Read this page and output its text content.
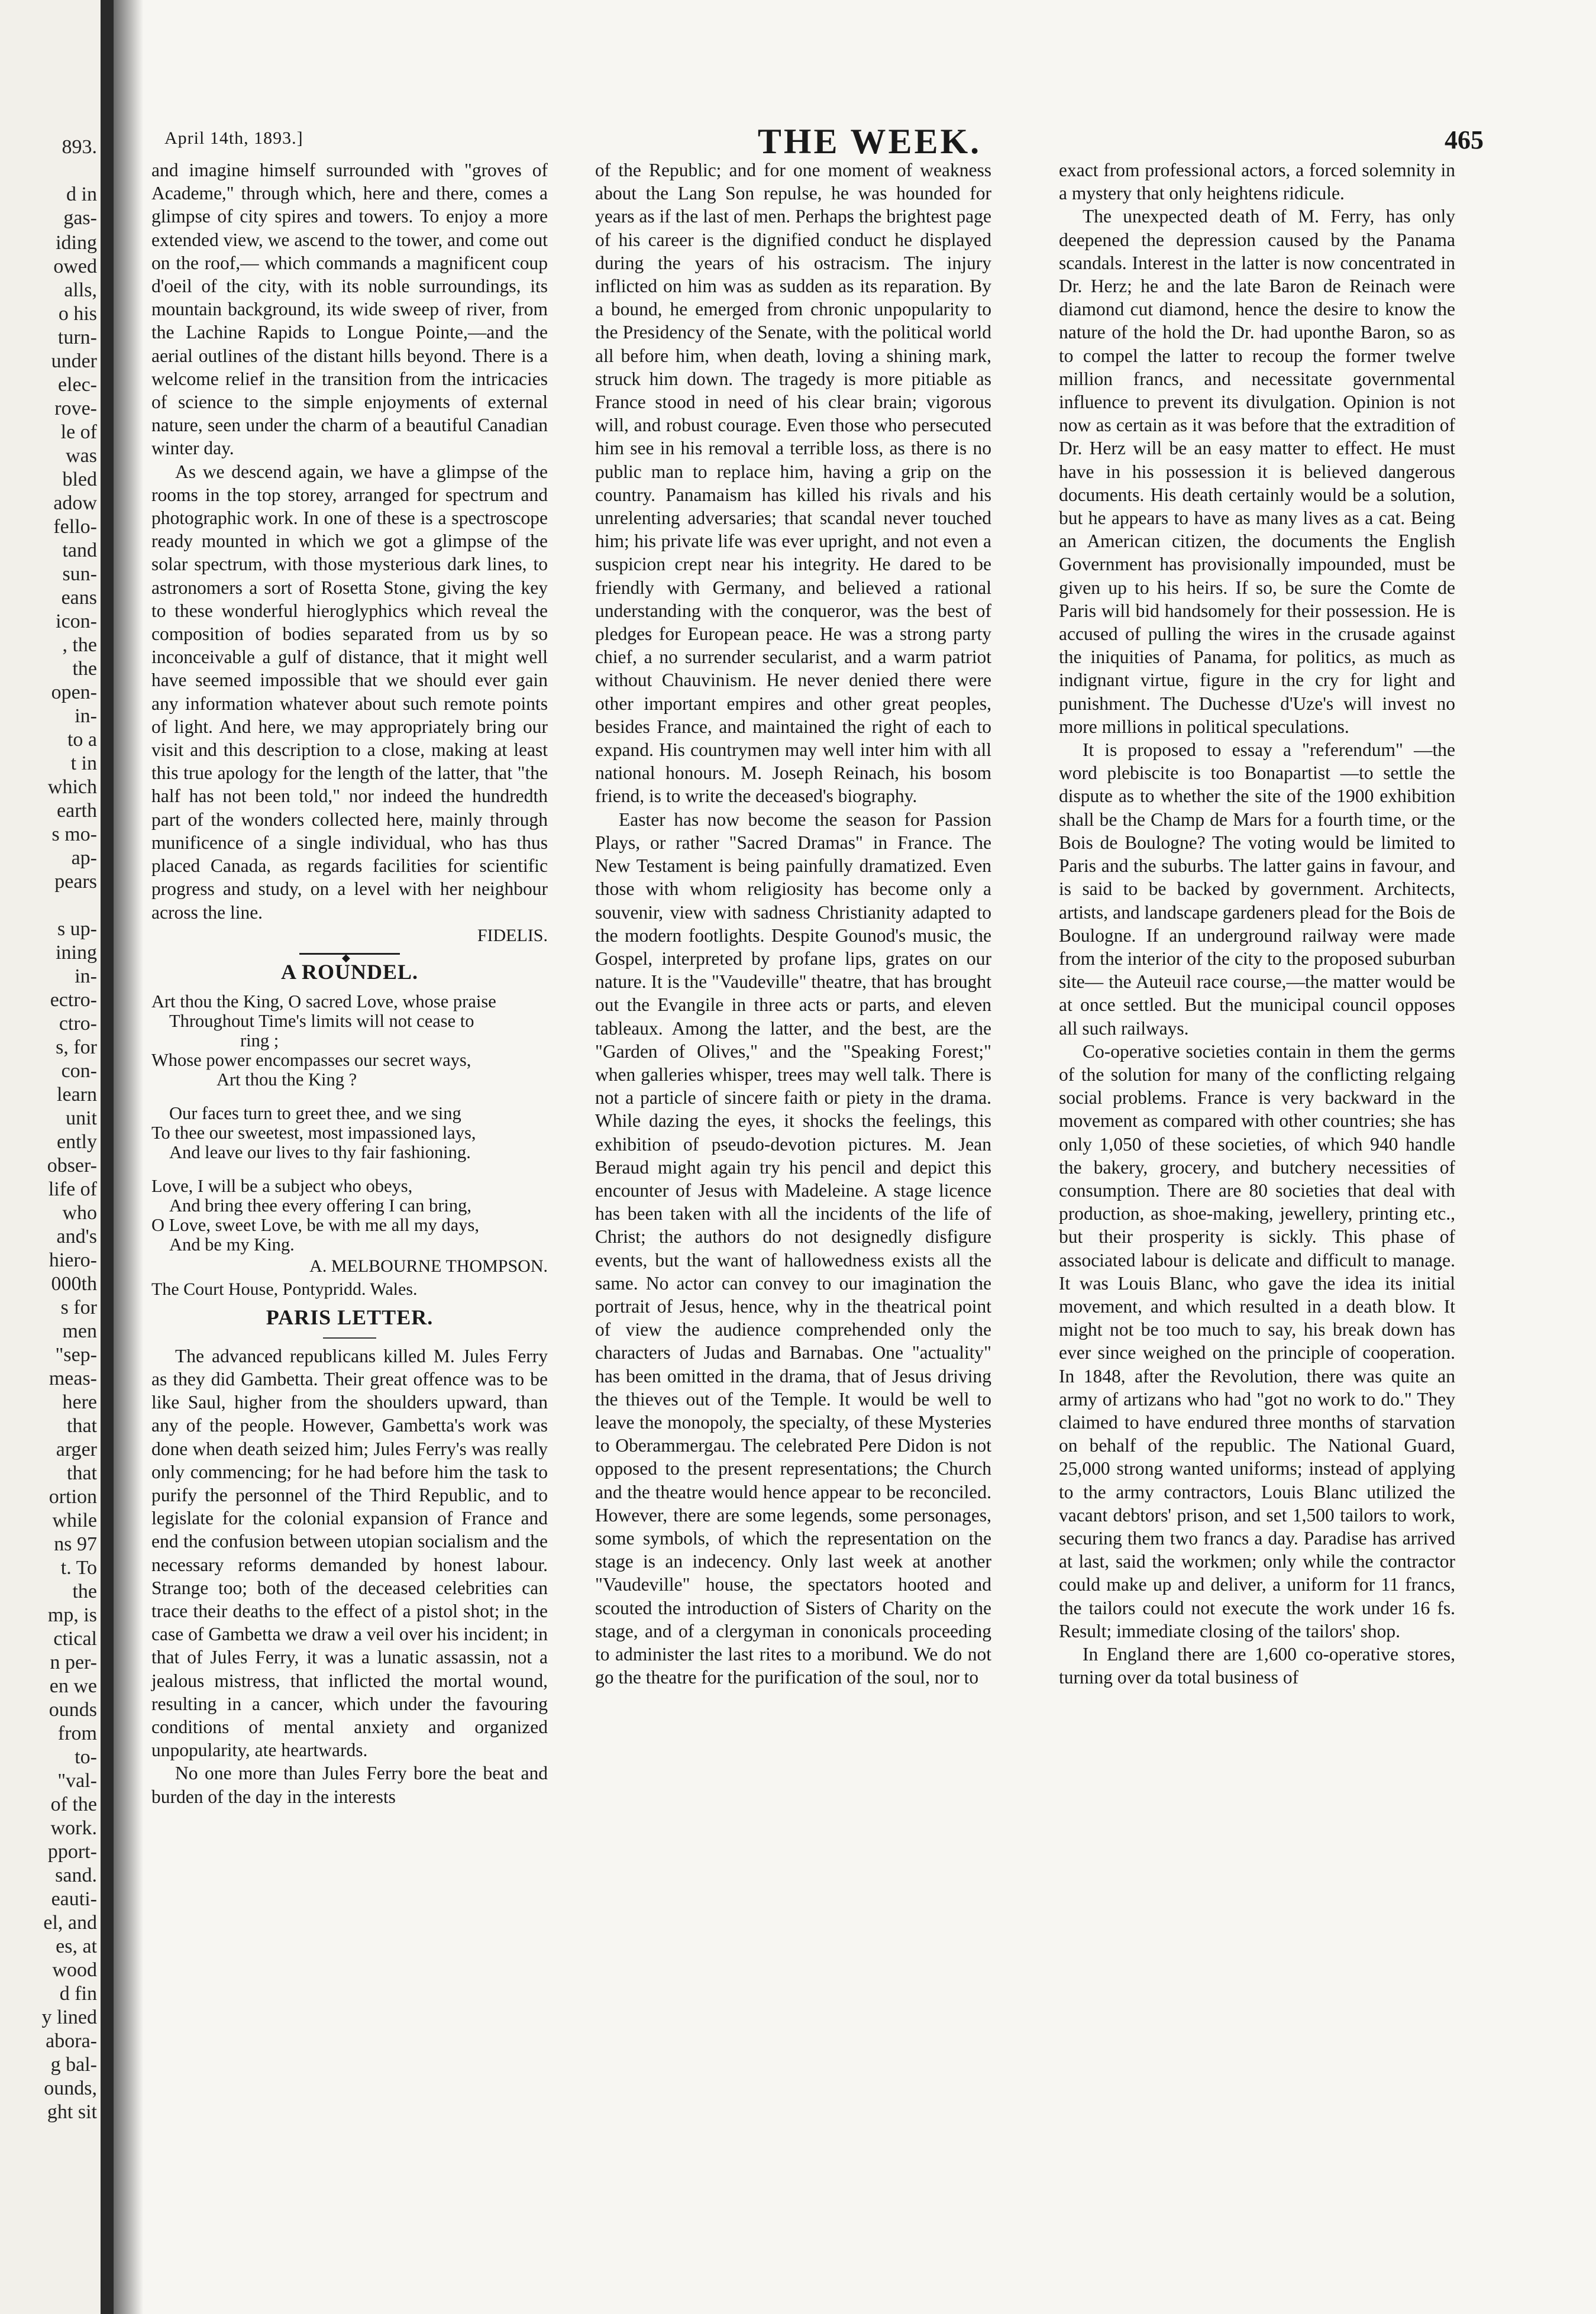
893.
d in
gas-
iding
owed
alls,
o his
turn-
under
elec-
rove-
le of
was
bled
adow
fello-
tand
sun-
eans
icon-
, the
the
open-
in-
to a
t in
which
earth
s mo-
ap-
pears
s up-
ining
in-
ectro-
ctro-
s, for
con-
learn
unit
ently
obser-
life of
who
and's
hiero-
000th
s for
men
"sep-
meas-
here
that
arger
that
ortion
while
ns 97
t. To
the
mp, is
ctical
n per-
en we
ounds
from
to-
"val-
of the
work.
pport-
sand.
eauti-
el, and
es, at
wood
d fin
y lined
abora-
g bal-
ounds,
ght sit
April 14th, 1893.]	THE WEEK.	465

and imagine himself surrounded with "groves of Academe," through which, here and there, comes a glimpse of city spires and towers. To enjoy a more extended view, we ascend to the tower, and come out on the roof,— which commands a magnificent coup d'oeil of the city, with its noble surroundings, its mountain background, its wide sweep of river, from the Lachine Rapids to Longue Pointe,—and the aerial outlines of the distant hills beyond. There is a welcome relief in the transition from the intricacies of science to the simple enjoyments of external nature, seen under the charm of a beautiful Canadian winter day.

As we descend again, we have a glimpse of the rooms in the top storey, arranged for spectrum and photographic work. In one of these is a spectroscope ready mounted in which we got a glimpse of the solar spectrum, with those mysterious dark lines, to astronomers a sort of Rosetta Stone, giving the key to these wonderful hieroglyphics which reveal the composition of bodies separated from us by so inconceivable a gulf of distance, that it might well have seemed impossible that we should ever gain any information whatever about such remote points of light. And here, we may appropriately bring our visit and this description to a close, making at least this true apology for the length of the latter, that "the half has not been told," nor indeed the hundredth part of the wonders collected here, mainly through munificence of a single individual, who has thus placed Canada, as regards facilities for scientific progress and study, on a level with her neighbour across the line.

FIDELIS.

◆
A ROUNDEL.

Art thou the King, O sacred Love, whose praise

Throughout Time's limits will not cease to

ring ;

Whose power encompasses our secret ways,

Art thou the King ?

Our faces turn to greet thee, and we sing

To thee our sweetest, most impassioned lays,

And leave our lives to thy fair fashioning.

Love, I will be a subject who obeys,

And bring thee every offering I can bring,

O Love, sweet Love, be with me all my days,

And be my King.

A. MELBOURNE THOMPSON.

The Court House, Pontypridd. Wales.

PARIS LETTER.

The advanced republicans killed M. Jules Ferry as they did Gambetta. Their great offence was to be like Saul, higher from the shoulders upward, than any of the people. However, Gambetta's work was done when death seized him; Jules Ferry's was really only commencing; for he had before him the task to purify the personnel of the Third Republic, and to legislate for the colonial expansion of France and end the confusion between utopian socialism and the necessary reforms demanded by honest labour. Strange too; both of the deceased celebrities can trace their deaths to the effect of a pistol shot; in the case of Gambetta we draw a veil over his incident; in that of Jules Ferry, it was a lunatic assassin, not a jealous mistress, that inflicted the mortal wound, resulting in a cancer, which under the favouring conditions of mental anxiety and organized unpopularity, ate heartwards.

No one more than Jules Ferry bore the beat and burden of the day in the interests

of the Republic; and for one moment of weakness about the Lang Son repulse, he was hounded for years as if the last of men. Perhaps the brightest page of his career is the dignified conduct he displayed during the years of his ostracism. The injury inflicted on him was as sudden as its reparation. By a bound, he emerged from chronic unpopularity to the Presidency of the Senate, with the political world all before him, when death, loving a shining mark, struck him down. The tragedy is more pitiable as France stood in need of his clear brain; vigorous will, and robust courage. Even those who persecuted him see in his removal a terrible loss, as there is no public man to replace him, having a grip on the country. Panamaism has killed his rivals and his unrelenting adversaries; that scandal never touched him; his private life was ever upright, and not even a suspicion crept near his integrity. He dared to be friendly with Germany, and believed a rational understanding with the conqueror, was the best of pledges for European peace. He was a strong party chief, a no surrender secularist, and a warm patriot without Chauvinism. He never denied there were other important empires and other great peoples, besides France, and maintained the right of each to expand. His countrymen may well inter him with all national honours. M. Joseph Reinach, his bosom friend, is to write the deceased's biography.

Easter has now become the season for Passion Plays, or rather "Sacred Dramas" in France. The New Testament is being painfully dramatized. Even those with whom religiosity has become only a souvenir, view with sadness Christianity adapted to the modern footlights. Despite Gounod's music, the Gospel, interpreted by profane lips, grates on our nature. It is the "Vaudeville" theatre, that has brought out the Evangile in three acts or parts, and eleven tableaux. Among the latter, and the best, are the "Garden of Olives," and the "Speaking Forest;" when galleries whisper, trees may well talk. There is not a particle of sincere faith or piety in the drama. While dazing the eyes, it shocks the feelings, this exhibition of pseudo-devotion pictures. M. Jean Beraud might again try his pencil and depict this encounter of Jesus with Madeleine. A stage licence has been taken with all the incidents of the life of Christ; the authors do not designedly disfigure events, but the want of hallowedness exists all the same. No actor can convey to our imagination the portrait of Jesus, hence, why in the theatrical point of view the audience comprehended only the characters of Judas and Barnabas. One "actuality" has been omitted in the drama, that of Jesus driving the thieves out of the Temple. It would be well to leave the monopoly, the specialty, of these Mysteries to Oberammergau. The celebrated Pere Didon is not opposed to the present representations; the Church and the theatre would hence appear to be reconciled. However, there are some legends, some personages, some symbols, of which the representation on the stage is an indecency. Only last week at another "Vaudeville" house, the spectators hooted and scouted the introduction of Sisters of Charity on the stage, and of a clergyman in cononicals proceeding to administer the last rites to a moribund. We do not go the theatre for the purification of the soul, nor to

exact from professional actors, a forced solemnity in a mystery that only heightens ridicule.

The unexpected death of M. Ferry, has only deepened the depression caused by the Panama scandals. Interest in the latter is now concentrated in Dr. Herz; he and the late Baron de Reinach were diamond cut diamond, hence the desire to know the nature of the hold the Dr. had uponthe Baron, so as to compel the latter to recoup the former twelve million francs, and necessitate governmental influence to prevent its divulgation. Opinion is not now as certain as it was before that the extradition of Dr. Herz will be an easy matter to effect. He must have in his possession it is believed dangerous documents. His death certainly would be a solution, but he appears to have as many lives as a cat. Being an American citizen, the documents the English Government has provisionally impounded, must be given up to his heirs. If so, be sure the Comte de Paris will bid handsomely for their possession. He is accused of pulling the wires in the crusade against the iniquities of Panama, for politics, as much as indignant virtue, figure in the cry for light and punishment. The Duchesse d'Uze's will invest no more millions in political speculations.

It is proposed to essay a "referendum" —the word plebiscite is too Bonapartist —to settle the dispute as to whether the site of the 1900 exhibition shall be the Champ de Mars for a fourth time, or the Bois de Boulogne? The voting would be limited to Paris and the suburbs. The latter gains in favour, and is said to be backed by government. Architects, artists, and landscape gardeners plead for the Bois de Boulogne. If an underground railway were made from the interior of the city to the proposed suburban site— the Auteuil race course,—the matter would be at once settled. But the municipal council opposes all such railways.

Co-operative societies contain in them the germs of the solution for many of the conflicting relgaing social problems. France is very backward in the movement as compared with other countries; she has only 1,050 of these societies, of which 940 handle the bakery, grocery, and butchery necessities of consumption. There are 80 societies that deal with production, as shoe-making, jewellery, printing etc., but their prosperity is sickly. This phase of associated labour is delicate and difficult to manage. It was Louis Blanc, who gave the idea its initial movement, and which resulted in a death blow. It might not be too much to say, his break down has ever since weighed on the principle of cooperation. In 1848, after the Revolution, there was quite an army of artizans who had "got no work to do." They claimed to have endured three months of starvation on behalf of the republic. The National Guard, 25,000 strong wanted uniforms; instead of applying to the army contractors, Louis Blanc utilized the vacant debtors' prison, and set 1,500 tailors to work, securing them two francs a day. Paradise has arrived at last, said the workmen; only while the contractor could make up and deliver, a uniform for 11 francs, the tailors could not execute the work under 16 fs. Result; immediate closing of the tailors' shop.

In England there are 1,600 co-operative stores, turning over da total business of
